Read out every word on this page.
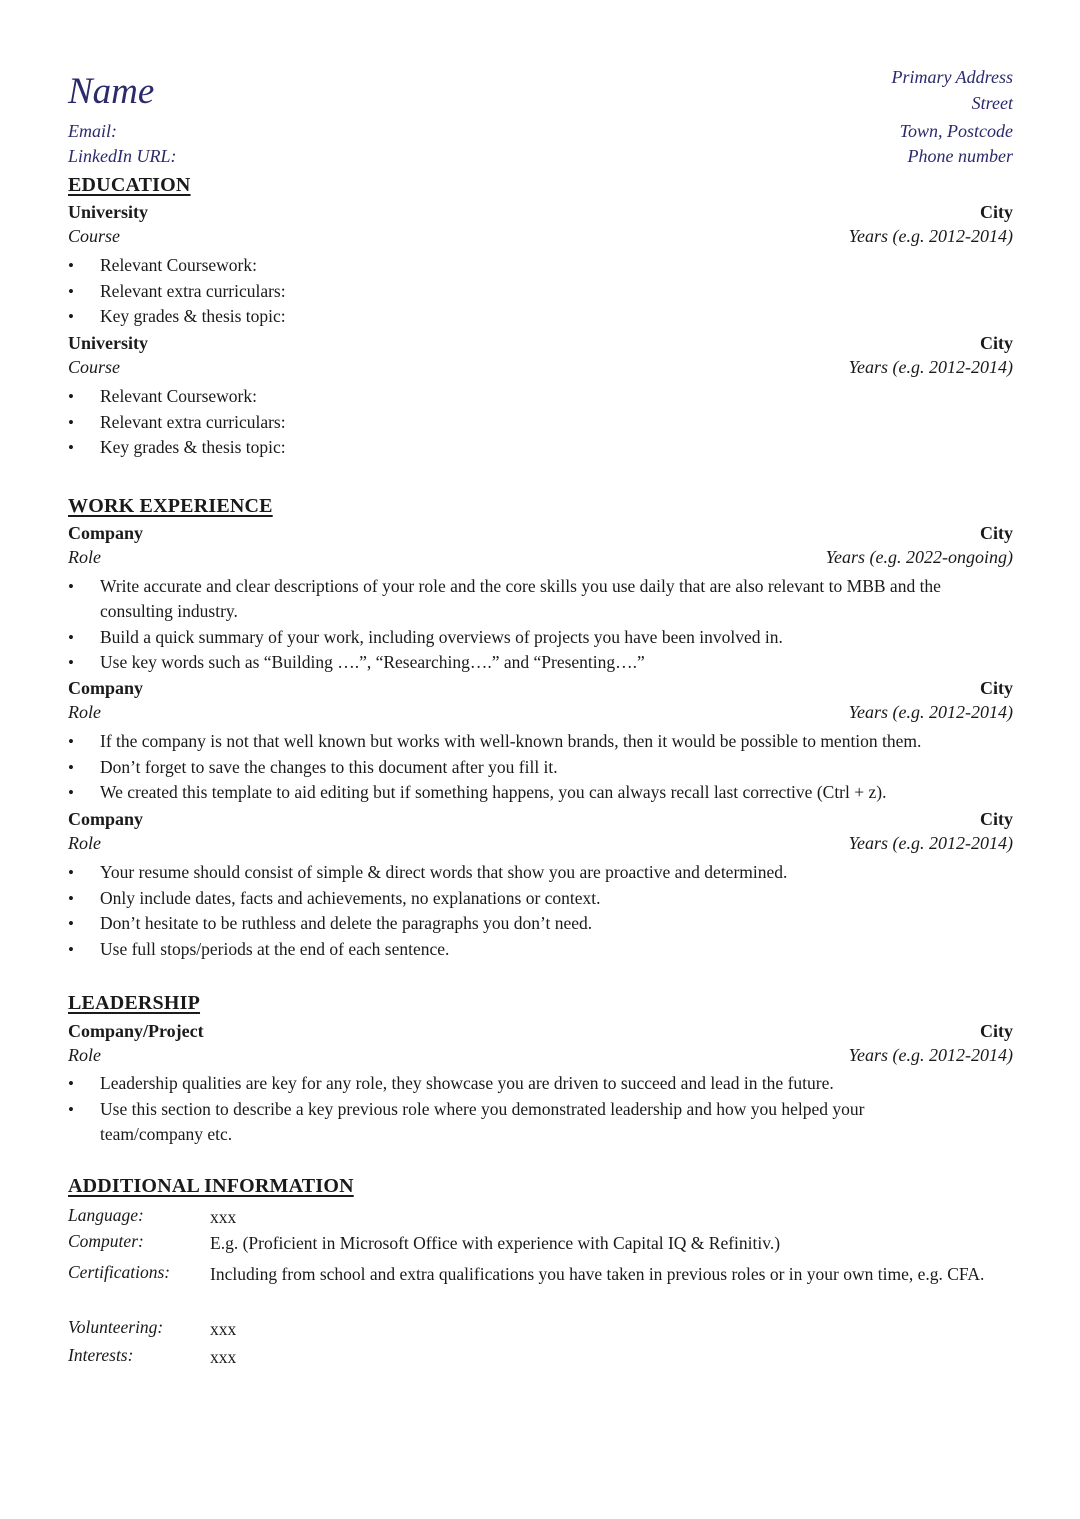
Name
Email:
LinkedIn URL:
Primary Address
Street
Town, Postcode
Phone number
EDUCATION
University	City
Course	Years (e.g. 2012-2014)
• Relevant Coursework:
• Relevant extra curriculars:
• Key grades & thesis topic:
University	City
Course	Years (e.g. 2012-2014)
• Relevant Coursework:
• Relevant extra curriculars:
• Key grades & thesis topic:
WORK EXPERIENCE
Company	City
Role	Years (e.g. 2022-ongoing)
• Write accurate and clear descriptions of your role and the core skills you use daily that are also relevant to MBB and the consulting industry.
• Build a quick summary of your work, including overviews of projects you have been involved in.
• Use key words such as “Building ….”, “Researching….” and “Presenting….”
Company	City
Role	Years (e.g. 2012-2014)
• If the company is not that well known but works with well-known brands, then it would be possible to mention them.
• Don’t forget to save the changes to this document after you fill it.
• We created this template to aid editing but if something happens, you can always recall last corrective (Ctrl + z).
Company	City
Role	Years (e.g. 2012-2014)
• Your resume should consist of simple & direct words that show you are proactive and determined.
• Only include dates, facts and achievements, no explanations or context.
• Don’t hesitate to be ruthless and delete the paragraphs you don’t need.
• Use full stops/periods at the end of each sentence.
LEADERSHIP
Company/Project	City
Role	Years (e.g. 2012-2014)
• Leadership qualities are key for any role, they showcase you are driven to succeed and lead in the future.
• Use this section to describe a key previous role where you demonstrated leadership and how you helped your team/company etc.
ADDITIONAL INFORMATION
Language:	xxx
Computer:	E.g. (Proficient in Microsoft Office with experience with Capital IQ & Refinitiv.)
Certifications: Including from school and extra qualifications you have taken in previous roles or in your own time, e.g. CFA.
Volunteering:	xxx
Interests:	xxx
